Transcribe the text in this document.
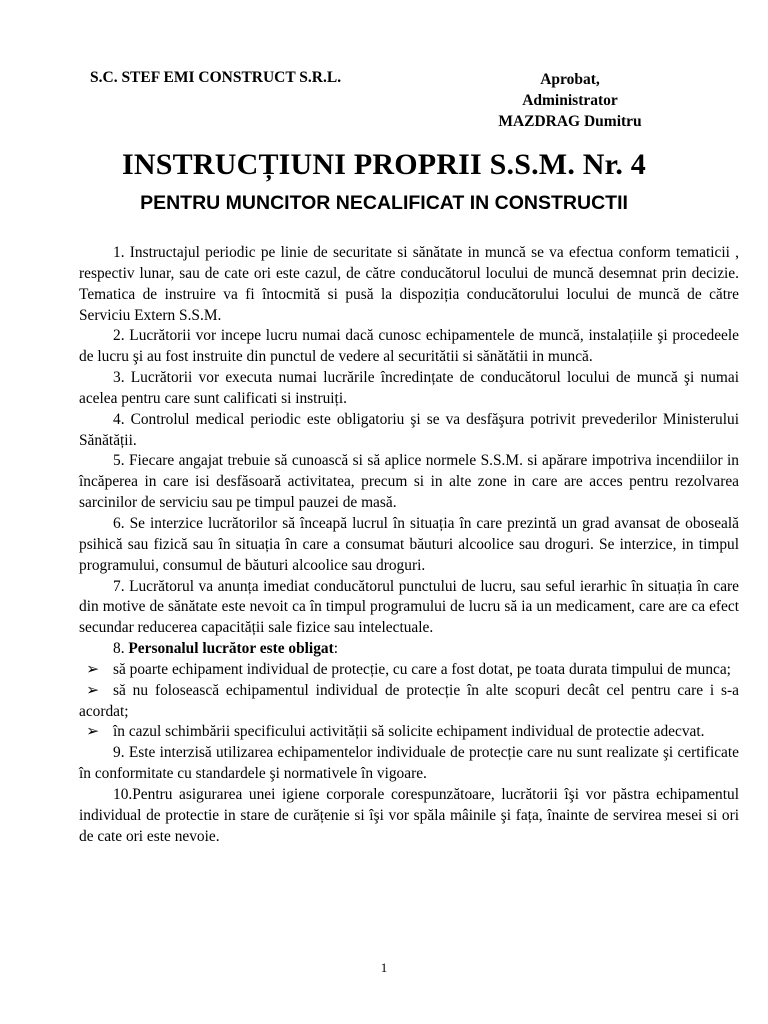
S.C. STEF EMI CONSTRUCT S.R.L.	Aprobat,
Administrator
MAZDRAG Dumitru
INSTRUCȚIUNI PROPRII S.S.M. Nr. 4
PENTRU MUNCITOR NECALIFICAT IN CONSTRUCTII

1. Instructajul periodic pe linie de securitate si sănătate in muncă se va efectua conform tematicii , respectiv lunar, sau de cate ori este cazul, de către conducătorul locului de muncă desemnat prin decizie. Tematica de instruire va fi întocmită si pusă la dispoziția conducătorului locului de muncă de către Serviciu Extern S.S.M.

2. Lucrătorii vor incepe lucru numai dacă cunosc echipamentele de muncă, instalațiile şi procedeele de lucru şi au fost instruite din punctul de vedere al securitătii si sănătătii in muncă.

3. Lucrătorii vor executa numai lucrările încredințate de conducătorul locului de muncă şi numai acelea pentru care sunt calificati si instruiți.

4. Controlul medical periodic este obligatoriu şi se va desfăşura potrivit prevederilor Ministerului Sănătății.

5. Fiecare angajat trebuie să cunoască si să aplice normele S.S.M. si apărare impotriva incendiilor in încăperea in care isi desfăsoară activitatea, precum si in alte zone in care are acces pentru rezolvarea sarcinilor de serviciu sau pe timpul pauzei de masă.

6. Se interzice lucrătorilor să înceapă lucrul în situația în care prezintă un grad avansat de oboseală psihică sau fizică sau în situația în care a consumat băuturi alcoolice sau droguri. Se interzice, in timpul programului, consumul de băuturi alcoolice sau droguri.

7. Lucrătorul va anunța imediat conducătorul punctului de lucru, sau seful ierarhic în situația în care din motive de sănătate este nevoit ca în timpul programului de lucru să ia un medicament, care are ca efect secundar reducerea capacității sale fizice sau intelectuale.

8. Personalul lucrător este obligat:

➢ să poarte echipament individual de protecție, cu care a fost dotat, pe toata durata timpului de munca;

➢ să nu folosească echipamentul individual de protecție în alte scopuri decât cel pentru care i s-a acordat;

➢ în cazul schimbării specificului activității să solicite echipament individual de protectie adecvat.

9. Este interzisă utilizarea echipamentelor individuale de protecție care nu sunt realizate şi certificate în conformitate cu standardele şi normativele în vigoare.

10.Pentru asigurarea unei igiene corporale corespunzătoare, lucrătorii îşi vor păstra echipamentul individual de protectie in stare de curățenie si îşi vor spăla mâinile şi fața, înainte de servirea mesei si ori de cate ori este nevoie.

1
